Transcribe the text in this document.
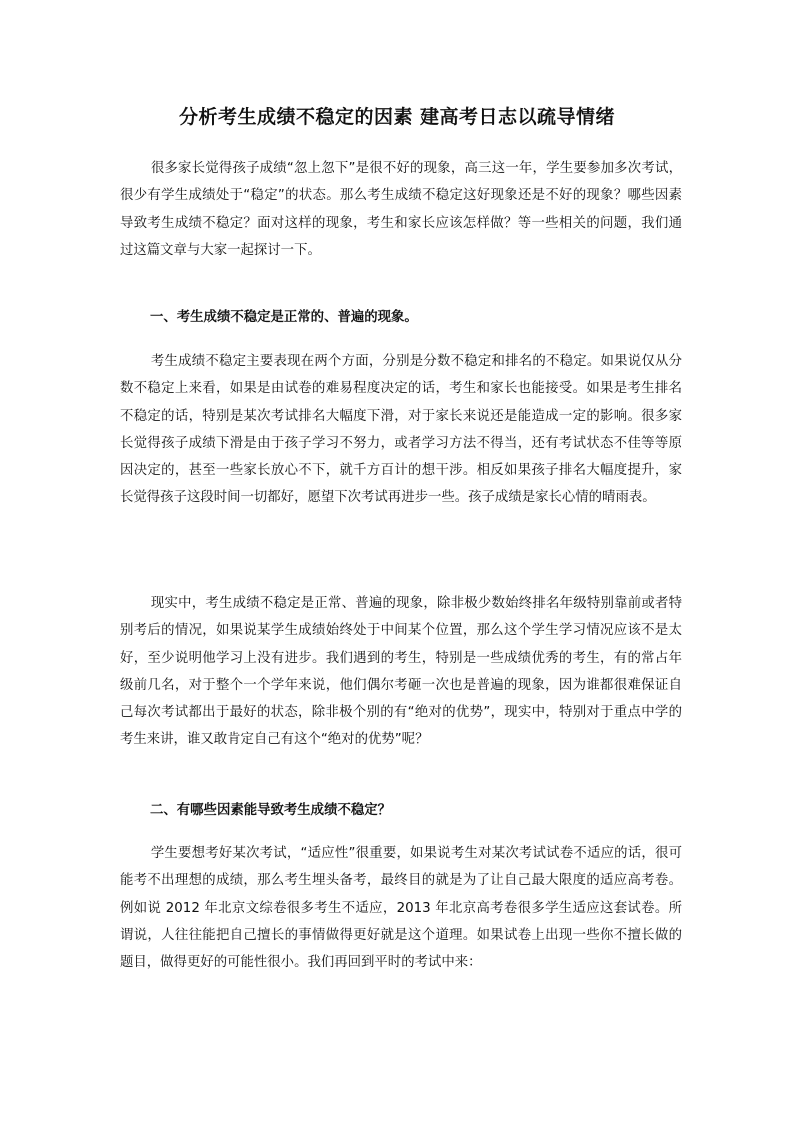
分析考生成绩不稳定的因素 建高考日志以疏导情绪

很多家长觉得孩子成绩“忽上忽下”是很不好的现象，高三这一年，学生要参加多次考试，很少有学生成绩处于“稳定”的状态。那么考生成绩不稳定这好现象还是不好的现象？哪些因素导致考生成绩不稳定？面对这样的现象，考生和家长应该怎样做？等一些相关的问题，我们通过这篇文章与大家一起探讨一下。

一、考生成绩不稳定是正常的、普遍的现象。

考生成绩不稳定主要表现在两个方面，分别是分数不稳定和排名的不稳定。如果说仅从分数不稳定上来看，如果是由试卷的难易程度决定的话，考生和家长也能接受。如果是考生排名不稳定的话，特别是某次考试排名大幅度下滑，对于家长来说还是能造成一定的影响。很多家长觉得孩子成绩下滑是由于孩子学习不努力，或者学习方法不得当，还有考试状态不佳等等原因决定的，甚至一些家长放心不下，就千方百计的想干涉。相反如果孩子排名大幅度提升，家长觉得孩子这段时间一切都好，愿望下次考试再进步一些。孩子成绩是家长心情的晴雨表。

现实中，考生成绩不稳定是正常、普遍的现象，除非极少数始终排名年级特别靠前或者特别考后的情况，如果说某学生成绩始终处于中间某个位置，那么这个学生学习情况应该不是太好，至少说明他学习上没有进步。我们遇到的考生，特别是一些成绩优秀的考生，有的常占年级前几名，对于整个一个学年来说，他们偶尔考砸一次也是普遍的现象，因为谁都很难保证自己每次考试都出于最好的状态，除非极个别的有“绝对的优势”，现实中，特别对于重点中学的考生来讲，谁又敢肯定自己有这个“绝对的优势”呢？

二、有哪些因素能导致考生成绩不稳定？

学生要想考好某次考试，“适应性”很重要，如果说考生对某次考试试卷不适应的话，很可能考不出理想的成绩，那么考生埋头备考，最终目的就是为了让自己最大限度的适应高考卷。例如说 2012 年北京文综卷很多考生不适应，2013 年北京高考卷很多学生适应这套试卷。所谓说，人往往能把自己擅长的事情做得更好就是这个道理。如果试卷上出现一些你不擅长做的题目，做得更好的可能性很小。我们再回到平时的考试中来：
